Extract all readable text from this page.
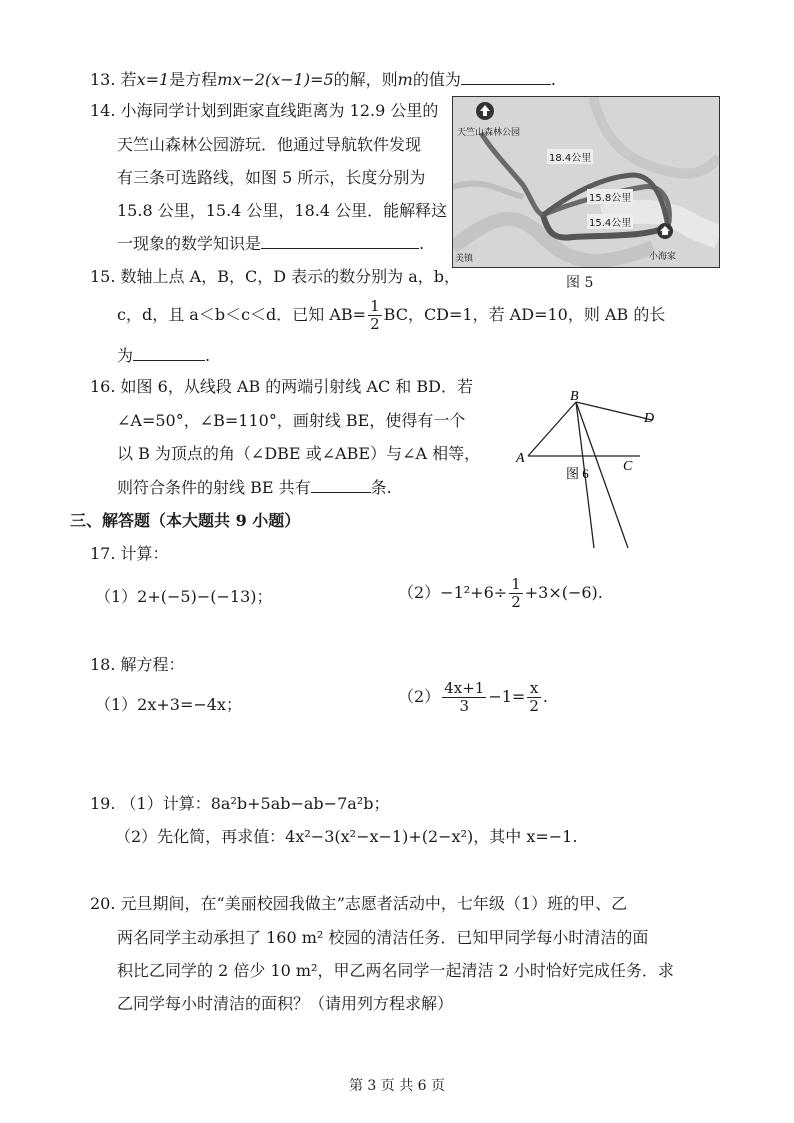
13. 若x=1是方程mx−2(x−1)=5的解，则m的值为	.
14. 小海同学计划到距家直线距离为 12.9 公里的
天竺山森林公园游玩．他通过导航软件发现
有三条可选路线，如图 5 所示，长度分别为
15.8 公里，15.4 公里，18.4 公里．能解释这
一现象的数学知识是	.
天竺山森林公园
18.4公里
15.8公里
15.4公里
小海家
美镇
图 5
15. 数轴上点 A，B，C，D 表示的数分别为 a，b，
c，d，且 a＜b＜c＜d．已知 $AB= \frac{1}{2}$ BC，CD=1，若 AD=10，则 AB 的长
为	.
16. 如图 6，从线段 AB 的两端引射线 AC 和 BD．若
∠A=50°，∠B=110°，画射线 BE，使得有一个
以 B 为顶点的角（∠DBE 或∠ABE）与∠A 相等，
则符合条件的射线 BE 共有	条.
A
B
C
D
图 6
三、解答题（本大题共 9 小题）
17. 计算：
（1）2+(−5)−(−13)；	$(2)-1^2+6\div \frac{1}{2} +3\times(-6)$.
18. 解方程：
（1）2x+3=−4x；	$(2) \frac{4x+1}{3} -1= \frac{x}{2}$ .
19. （1）计算：8a²b+5ab−ab−7a²b；
（2）先化简，再求值：4x²−3(x²−x−1)+(2−x²)，其中 x=−1.
20. 元旦期间，在“美丽校园我做主”志愿者活动中，七年级（1）班的甲、乙
两名同学主动承担了 160 m² 校园的清洁任务．已知甲同学每小时清洁的面
积比乙同学的 2 倍少 10 m²，甲乙两名同学一起清洁 2 小时恰好完成任务．求
乙同学每小时清洁的面积？（请用列方程求解）
第 3 页 共 6 页
